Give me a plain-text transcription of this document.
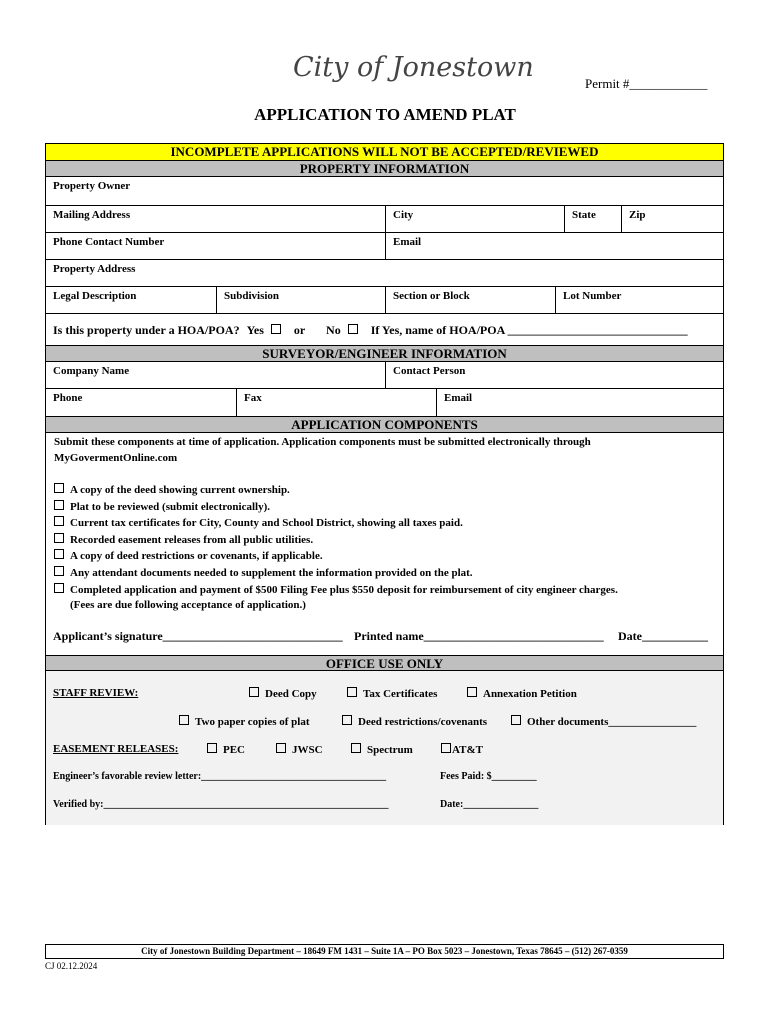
City of Jonestown
Permit #____________
APPLICATION TO AMEND PLAT
INCOMPLETE APPLICATIONS WILL NOT BE ACCEPTED/REVIEWED
PROPERTY INFORMATION
Property Owner
Mailing Address	City	State	Zip
Phone Contact Number	Email
Property Address
Legal Description	Subdivision	Section or Block	Lot Number
Is this property under a HOA/POA? Yes	or No	If Yes, name of HOA/POA ______________________________
SURVEYOR/ENGINEER INFORMATION
Company Name	Contact Person
Phone	Fax	Email
APPLICATION COMPONENTS
Submit these components at time of application. Application components must be submitted electronically through
MyGovermentOnline.com
A copy of the deed showing current ownership.
Plat to be reviewed (submit electronically).
Current tax certificates for City, County and School District, showing all taxes paid.
Recorded easement releases from all public utilities.
A copy of deed restrictions or covenants, if applicable.
Any attendant documents needed to supplement the information provided on the plat.
Completed application and payment of $500 Filing Fee plus $550 deposit for reimbursement of city engineer charges.
(Fees are due following acceptance of application.)
Applicant’s signature______________________________ Printed name______________________________ Date___________
OFFICE USE ONLY
STAFF REVIEW:	Deed Copy	Tax Certificates	Annexation Petition
Two paper copies of plat	Deed restrictions/covenants	Other documents________________
EASEMENT RELEASES:	PEC	JWSC	Spectrum	AT&T
Engineer’s favorable review letter:_____________________________________	Fees Paid: $_________
Verified by:_________________________________________________________	Date:_______________
City of Jonestown Building Department – 18649 FM 1431 – Suite 1A – PO Box 5023 – Jonestown, Texas 78645 – (512) 267-0359
CJ 02.12.2024
